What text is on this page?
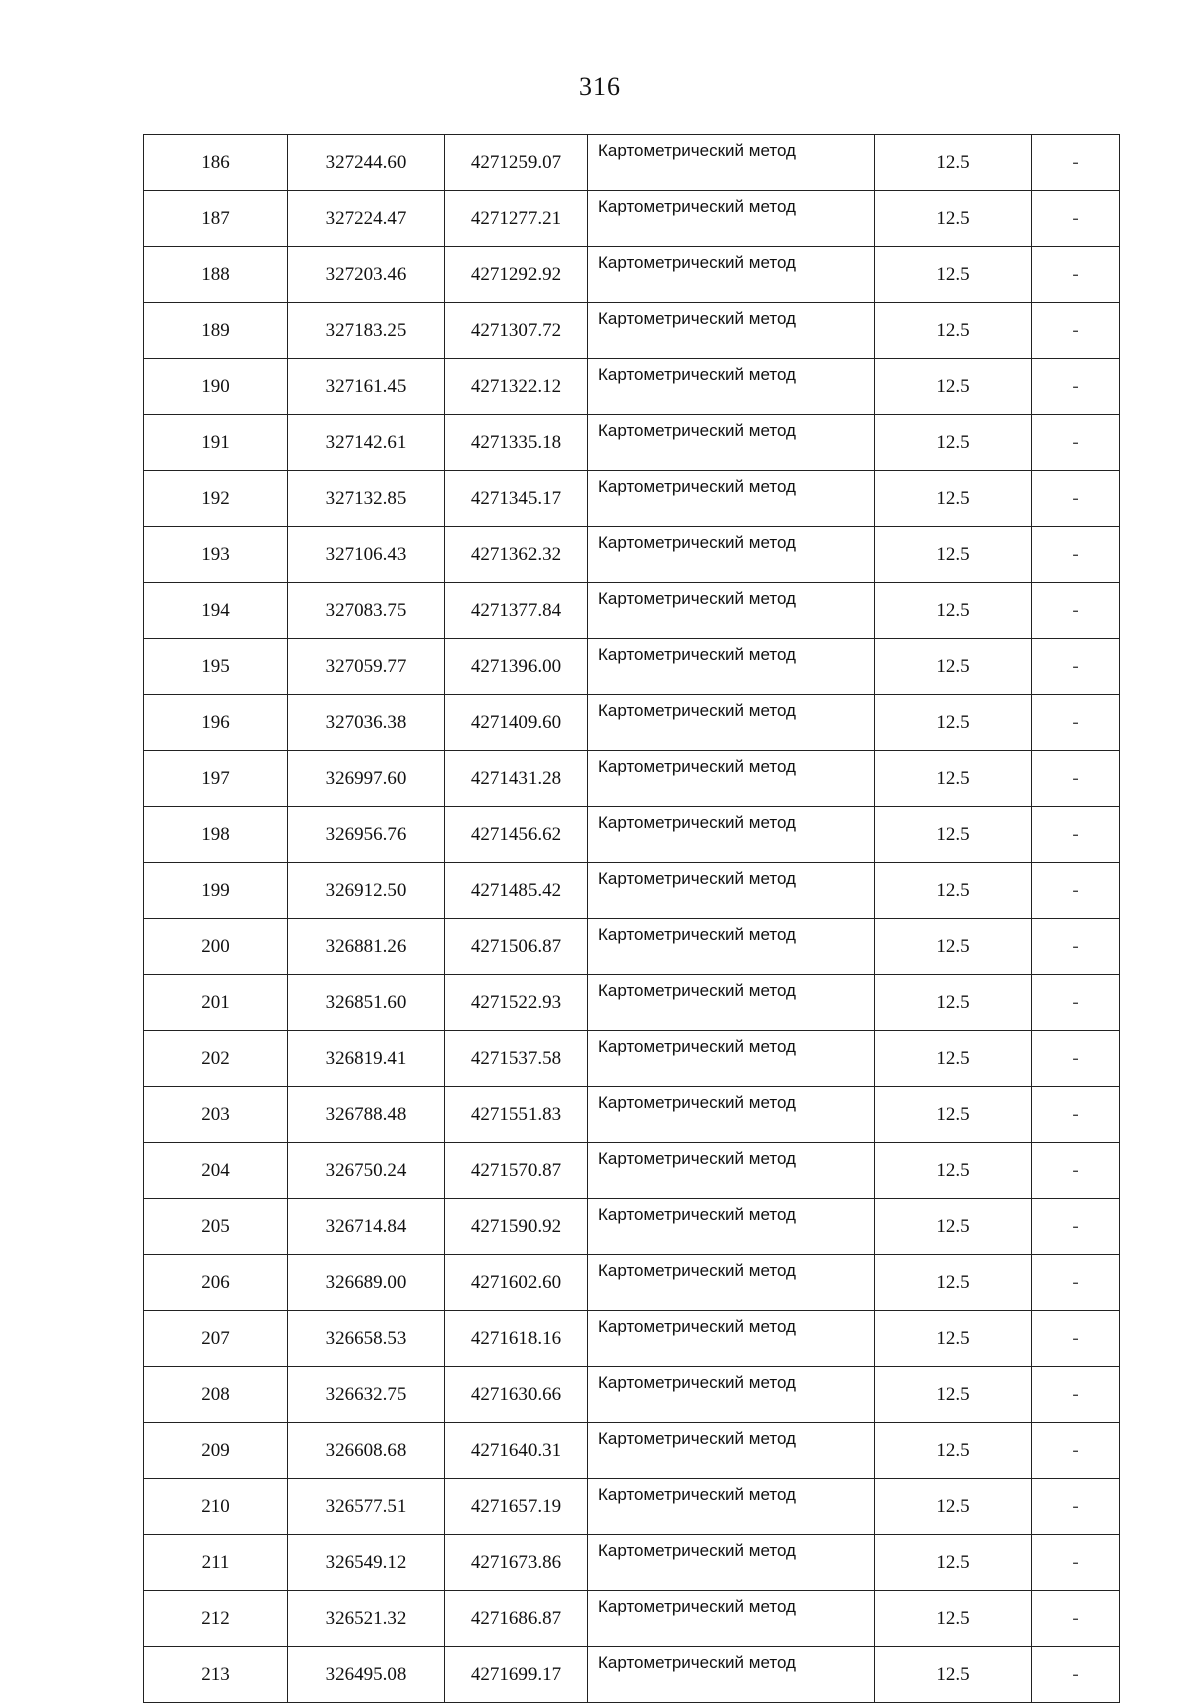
316
186	327244.60	4271259.07	Картометрический метод	12.5	-
187	327224.47	4271277.21	Картометрический метод	12.5	-
188	327203.46	4271292.92	Картометрический метод	12.5	-
189	327183.25	4271307.72	Картометрический метод	12.5	-
190	327161.45	4271322.12	Картометрический метод	12.5	-
191	327142.61	4271335.18	Картометрический метод	12.5	-
192	327132.85	4271345.17	Картометрический метод	12.5	-
193	327106.43	4271362.32	Картометрический метод	12.5	-
194	327083.75	4271377.84	Картометрический метод	12.5	-
195	327059.77	4271396.00	Картометрический метод	12.5	-
196	327036.38	4271409.60	Картометрический метод	12.5	-
197	326997.60	4271431.28	Картометрический метод	12.5	-
198	326956.76	4271456.62	Картометрический метод	12.5	-
199	326912.50	4271485.42	Картометрический метод	12.5	-
200	326881.26	4271506.87	Картометрический метод	12.5	-
201	326851.60	4271522.93	Картометрический метод	12.5	-
202	326819.41	4271537.58	Картометрический метод	12.5	-
203	326788.48	4271551.83	Картометрический метод	12.5	-
204	326750.24	4271570.87	Картометрический метод	12.5	-
205	326714.84	4271590.92	Картометрический метод	12.5	-
206	326689.00	4271602.60	Картометрический метод	12.5	-
207	326658.53	4271618.16	Картометрический метод	12.5	-
208	326632.75	4271630.66	Картометрический метод	12.5	-
209	326608.68	4271640.31	Картометрический метод	12.5	-
210	326577.51	4271657.19	Картометрический метод	12.5	-
211	326549.12	4271673.86	Картометрический метод	12.5	-
212	326521.32	4271686.87	Картометрический метод	12.5	-
213	326495.08	4271699.17	Картометрический метод	12.5	-
